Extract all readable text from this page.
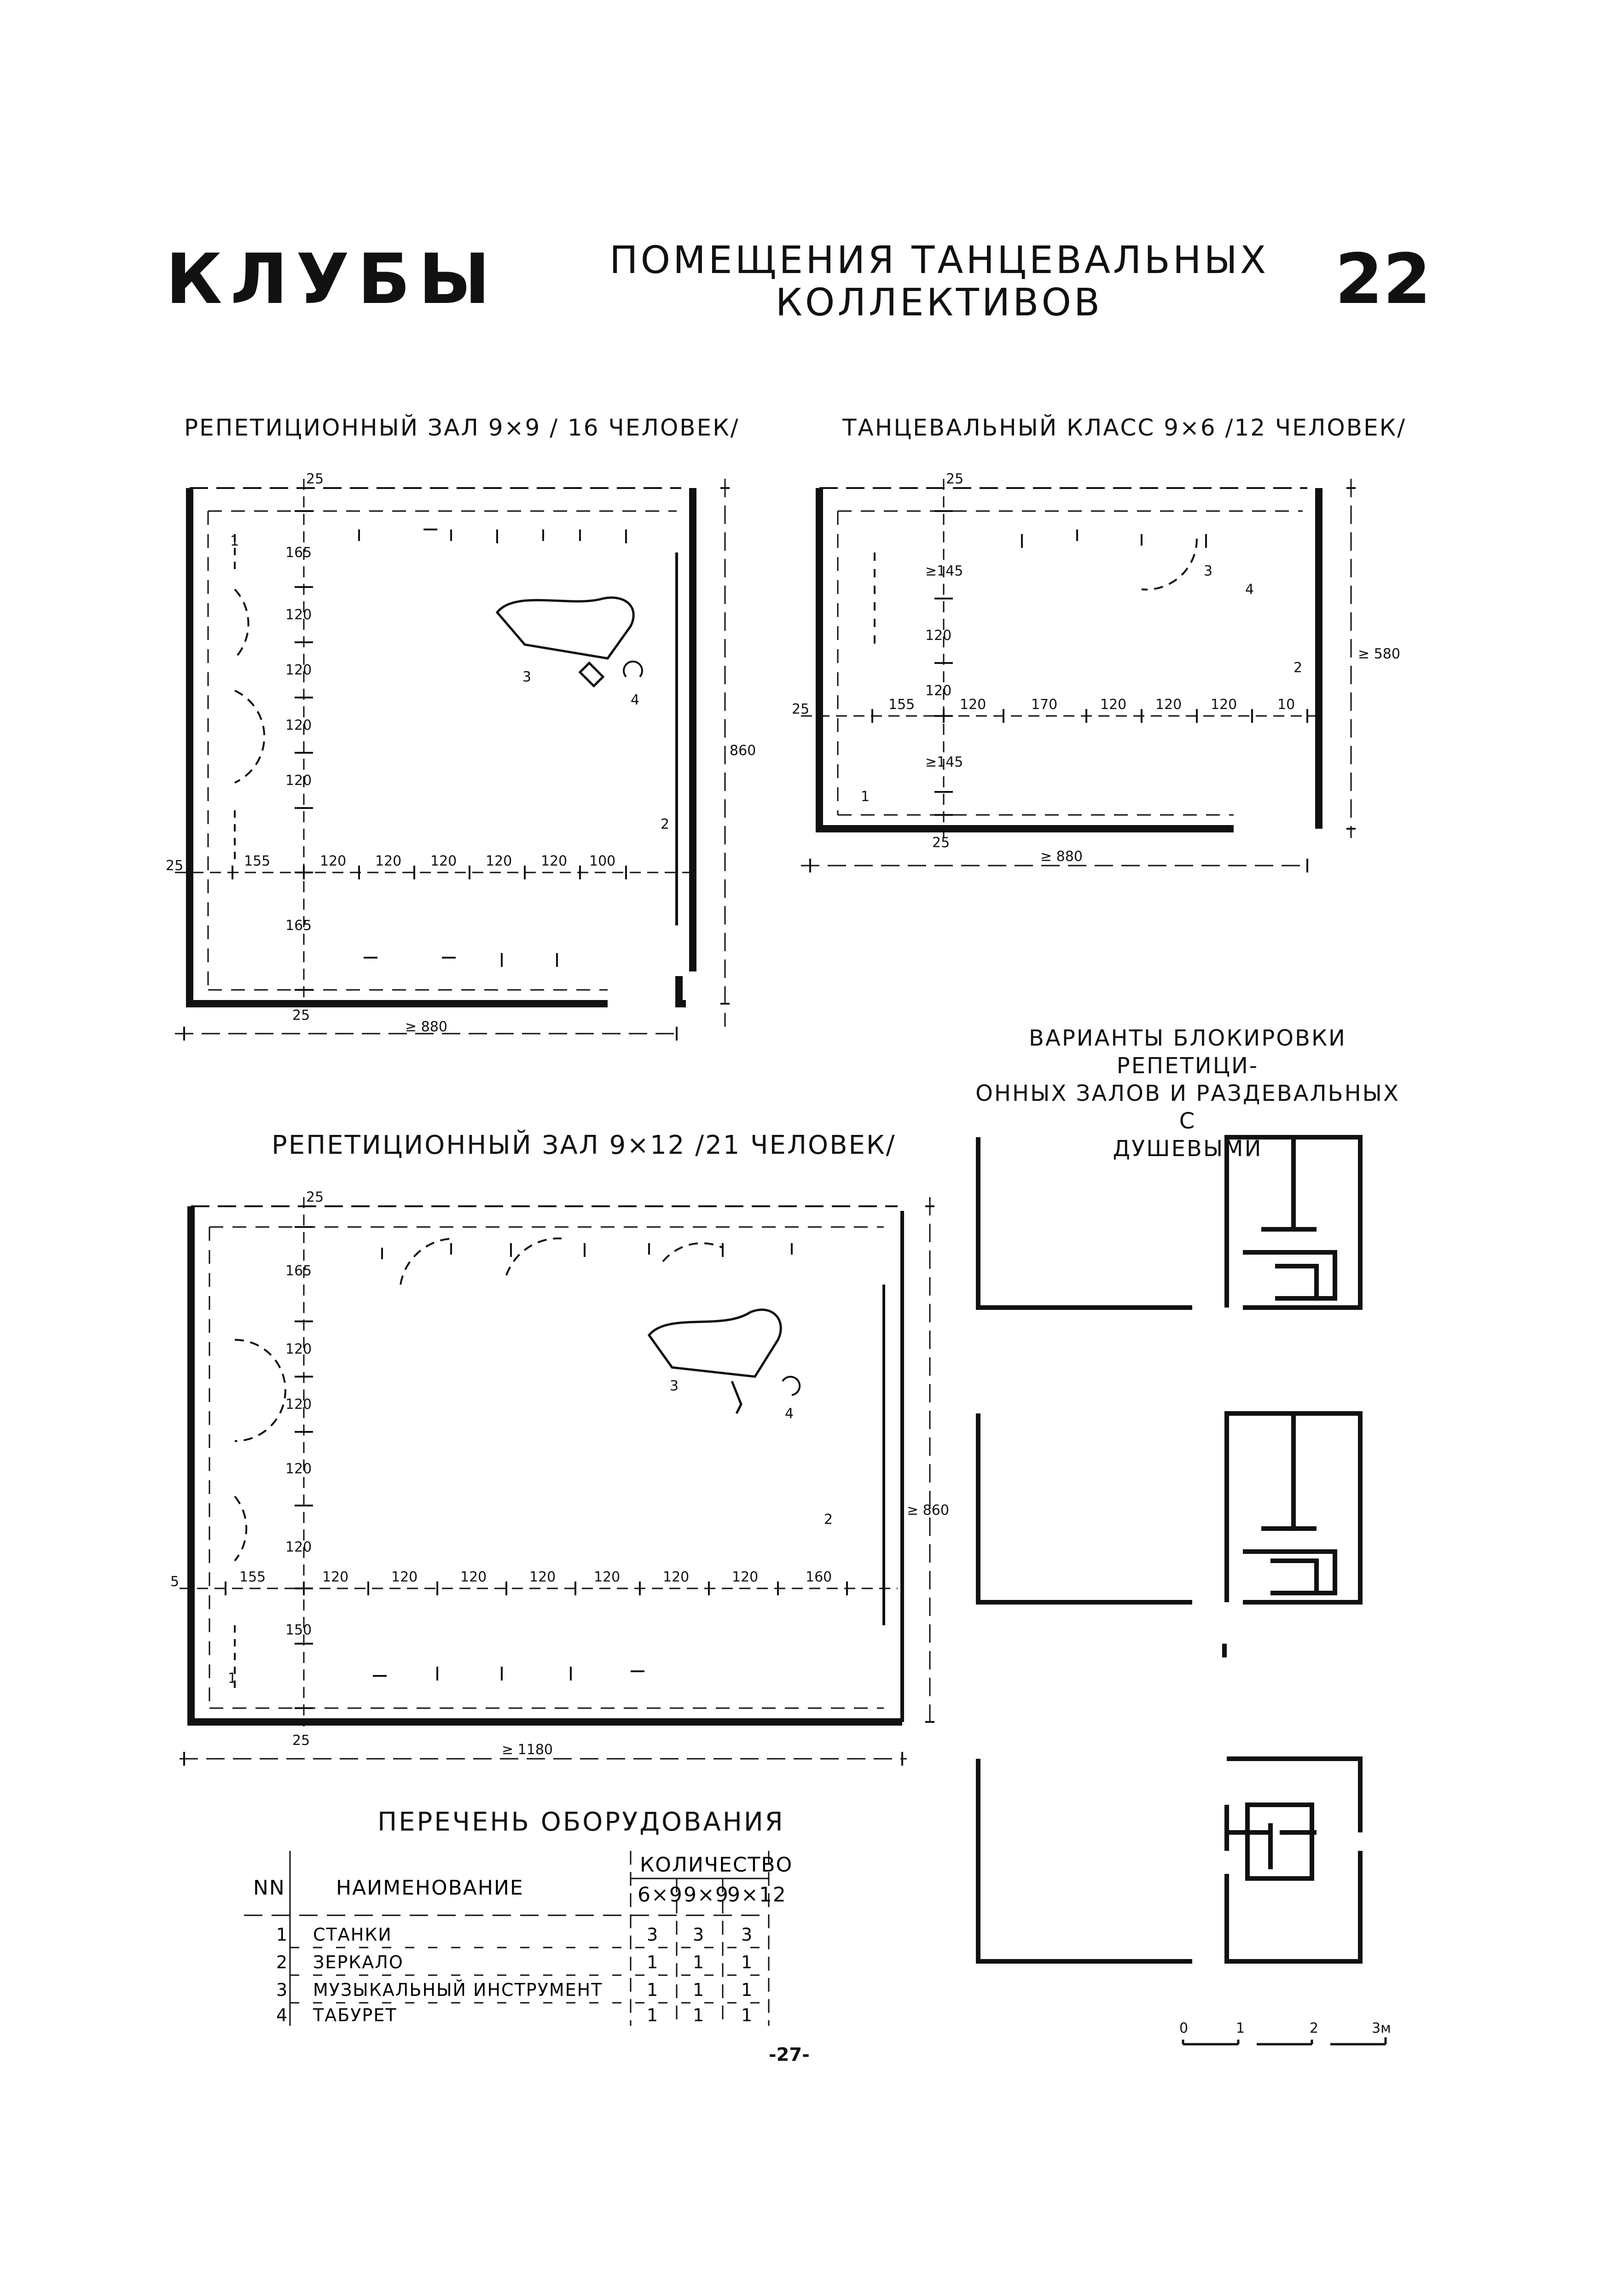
КЛУБЫ	ПОМЕЩЕНИЯ ТАНЦЕВАЛЬНЫХ
КОЛЛЕКТИВОВ	22
РЕПЕТИЦИОННЫЙ ЗАЛ 9×9 / 16 ЧЕЛОВЕК/	ТАНЦЕВАЛЬНЫЙ КЛАСС 9×6 /12 ЧЕЛОВЕК/
РЕПЕТИЦИОННЫЙ ЗАЛ 9×12 /21 ЧЕЛОВЕК/
ВАРИАНТЫ БЛОКИРОВКИ РЕПЕТИЦИ-
ОННЫХ ЗАЛОВ И РАЗДЕВАЛЬНЫХ С
ДУШЕВЫМИ
25
165
120
120
120
120
155	120 120 120 120 120 100
165
25
25
≥ 880
860
1
2
3
4
25
≥145
120
120
25	155	120	170	120 120 120	10
≥145
25
≥ 880
≥ 580
1
2
3
4
25
165
120
120
120
120
5	155	120	120	120	120	120	120	120	160
150
25
≥ 1180
≥ 860
1
2
3
4
ПЕРЕЧЕНЬ ОБОРУДОВАНИЯ
NN	НАИМЕНОВАНИЕ
КОЛИЧЕСТВО
6×9 9×9
9×12
1 СТАНКИ	3 3 3
2 ЗЕРКАЛО	1 1 1
3 МУЗЫКАЛЬНЫЙ ИНСТРУМЕНТ	1 1 1
4 ТАБУРЕТ	1 1 1
0	1	2	3м
-27-
